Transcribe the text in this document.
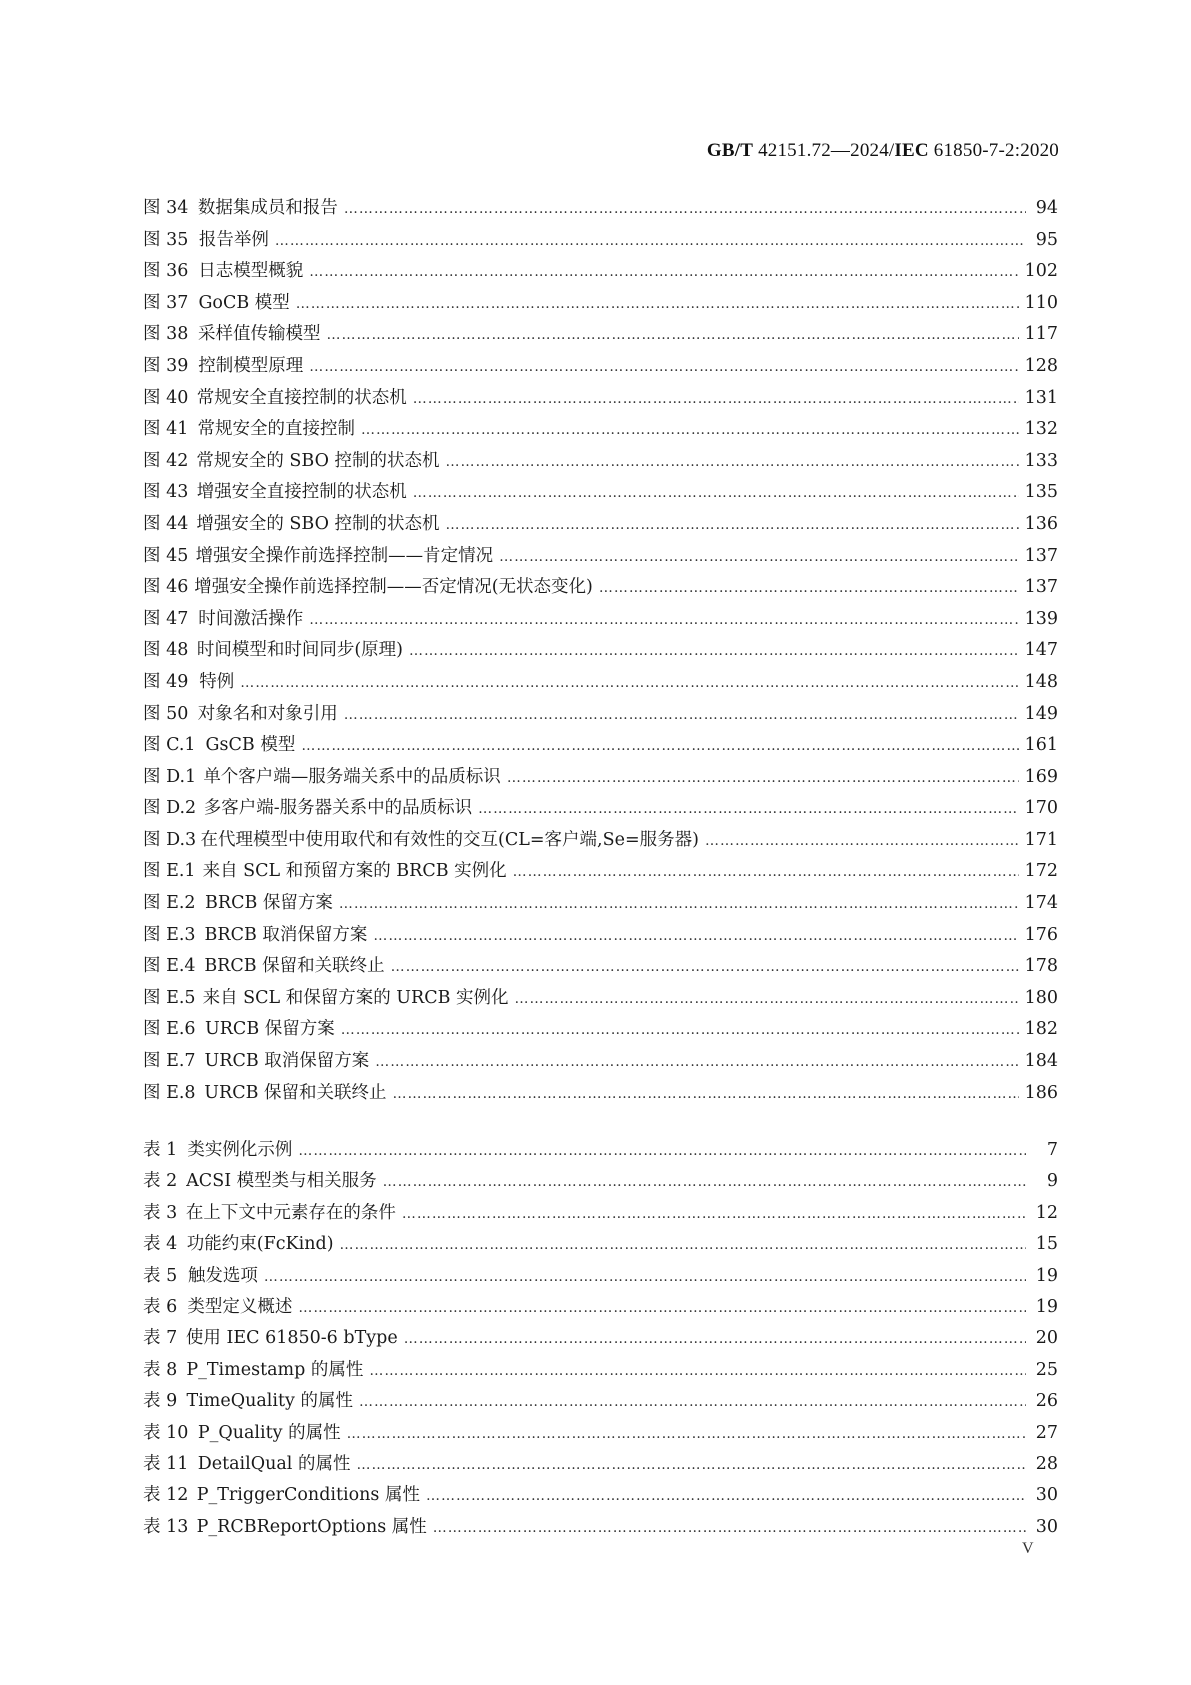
GB/T 42151.72—2024/IEC 61850-7-2:2020
图 34 数据集成员和报告 ……………………………………………………………………………………………………………………………………………………………………………………………………………………………………	94
图 35 报告举例 ……………………………………………………………………………………………………………………………………………………………………………………………………………………………………	95
图 36 日志模型概貌 ……………………………………………………………………………………………………………………………………………………………………………………………………………………………………	102
图 37 GoCB 模型 ……………………………………………………………………………………………………………………………………………………………………………………………………………………………………	110
图 38 采样值传输模型 ……………………………………………………………………………………………………………………………………………………………………………………………………………………………………	117
图 39 控制模型原理 ……………………………………………………………………………………………………………………………………………………………………………………………………………………………………	128
图 40 常规安全直接控制的状态机 ……………………………………………………………………………………………………………………………………………………………………………………………………………………………………	131
图 41 常规安全的直接控制 ……………………………………………………………………………………………………………………………………………………………………………………………………………………………………	132
图 42 常规安全的 SBO 控制的状态机 ……………………………………………………………………………………………………………………………………………………………………………………………………………………………………	133
图 43 增强安全直接控制的状态机 ……………………………………………………………………………………………………………………………………………………………………………………………………………………………………	135
图 44 增强安全的 SBO 控制的状态机 ……………………………………………………………………………………………………………………………………………………………………………………………………………………………………	136
图 45 增强安全操作前选择控制——肯定情况 ……………………………………………………………………………………………………………………………………………………………………………………………………………………………………	137
图 46 增强安全操作前选择控制——否定情况(无状态变化) ……………………………………………………………………………………………………………………………………………………………………………………………………………………………………	137
图 47 时间激活操作 ……………………………………………………………………………………………………………………………………………………………………………………………………………………………………	139
图 48 时间模型和时间同步(原理) ……………………………………………………………………………………………………………………………………………………………………………………………………………………………………	147
图 49 特例 ……………………………………………………………………………………………………………………………………………………………………………………………………………………………………	148
图 50 对象名和对象引用 ……………………………………………………………………………………………………………………………………………………………………………………………………………………………………	149
图 C.1 GsCB 模型 ……………………………………………………………………………………………………………………………………………………………………………………………………………………………………	161
图 D.1 单个客户端—服务端关系中的品质标识 ……………………………………………………………………………………………………………………………………………………………………………………………………………………………………	169
图 D.2 多客户端-服务器关系中的品质标识 ……………………………………………………………………………………………………………………………………………………………………………………………………………………………………	170
图 D.3 在代理模型中使用取代和有效性的交互(CL=客户端,Se=服务器) ……………………………………………………………………………………………………………………………………………………………………………………………………………………………………	171
图 E.1 来自 SCL 和预留方案的 BRCB 实例化 ……………………………………………………………………………………………………………………………………………………………………………………………………………………………………	172
图 E.2 BRCB 保留方案 ……………………………………………………………………………………………………………………………………………………………………………………………………………………………………	174
图 E.3 BRCB 取消保留方案 ……………………………………………………………………………………………………………………………………………………………………………………………………………………………………	176
图 E.4 BRCB 保留和关联终止 ……………………………………………………………………………………………………………………………………………………………………………………………………………………………………	178
图 E.5 来自 SCL 和保留方案的 URCB 实例化 ……………………………………………………………………………………………………………………………………………………………………………………………………………………………………	180
图 E.6 URCB 保留方案 ……………………………………………………………………………………………………………………………………………………………………………………………………………………………………	182
图 E.7 URCB 取消保留方案 ……………………………………………………………………………………………………………………………………………………………………………………………………………………………………	184
图 E.8 URCB 保留和关联终止 ……………………………………………………………………………………………………………………………………………………………………………………………………………………………………	186
表 1 类实例化示例 ……………………………………………………………………………………………………………………………………………………………………………………………………………………………………	7
表 2 ACSI 模型类与相关服务 ……………………………………………………………………………………………………………………………………………………………………………………………………………………………………	9
表 3 在上下文中元素存在的条件 ……………………………………………………………………………………………………………………………………………………………………………………………………………………………………	12
表 4 功能约束(FcKind) ……………………………………………………………………………………………………………………………………………………………………………………………………………………………………	15
表 5 触发选项 ……………………………………………………………………………………………………………………………………………………………………………………………………………………………………	19
表 6 类型定义概述 ……………………………………………………………………………………………………………………………………………………………………………………………………………………………………	19
表 7 使用 IEC 61850-6 bType ……………………………………………………………………………………………………………………………………………………………………………………………………………………………………	20
表 8 P_Timestamp 的属性 ……………………………………………………………………………………………………………………………………………………………………………………………………………………………………	25
表 9 TimeQuality 的属性 ……………………………………………………………………………………………………………………………………………………………………………………………………………………………………	26
表 10 P_Quality 的属性 ……………………………………………………………………………………………………………………………………………………………………………………………………………………………………	27
表 11 DetailQual 的属性 ……………………………………………………………………………………………………………………………………………………………………………………………………………………………………	28
表 12 P_TriggerConditions 属性 ……………………………………………………………………………………………………………………………………………………………………………………………………………………………………	30
表 13 P_RCBReportOptions 属性 ……………………………………………………………………………………………………………………………………………………………………………………………………………………………………	30
V
